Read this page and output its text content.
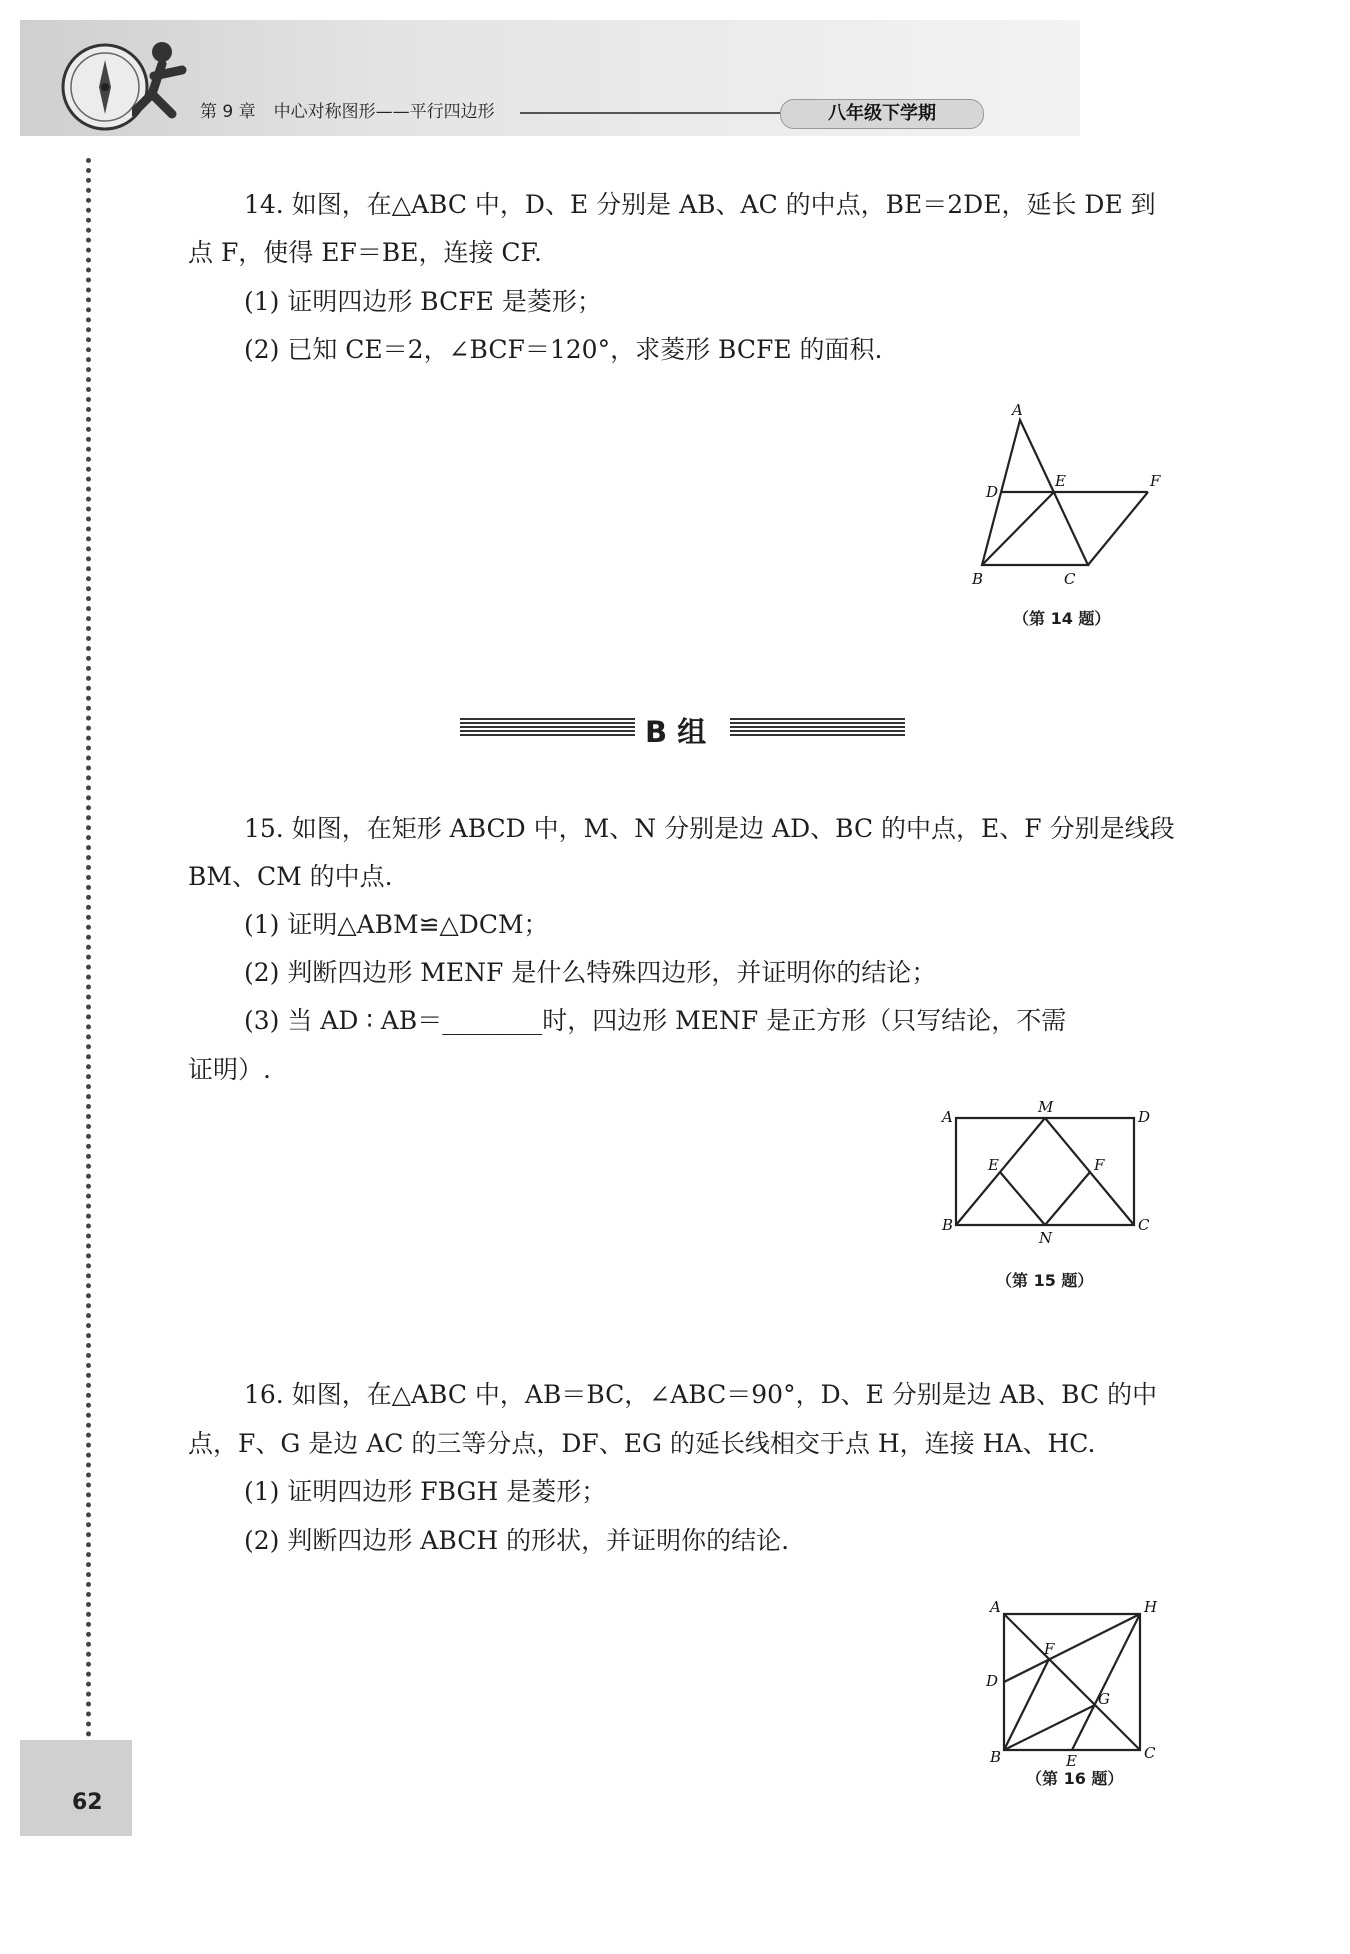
第 9 章 中心对称图形——平行四边形	八年级下学期
62
14. 如图，在△ABC 中，D、E 分别是 AB、AC 的中点，BE＝2DE，延长 DE 到
点 F，使得 EF＝BE，连接 CF.
(1) 证明四边形 BCFE 是菱形；
(2) 已知 CE＝2，∠BCF＝120°，求菱形 BCFE 的面积.
A
D
E	F
B	C
（第 14 题）
B 组
15. 如图，在矩形 ABCD 中，M、N 分别是边 AD、BC 的中点，E、F 分别是线段
BM、CM 的中点.
(1) 证明△ABM≌△DCM；
(2) 判断四边形 MENF 是什么特殊四边形，并证明你的结论；
(3) 当 AD ∶ AB＝________时，四边形 MENF 是正方形（只写结论，不需
证明）.
A
M
D
E	F
B
N
C
（第 15 题）
16. 如图，在△ABC 中，AB＝BC，∠ABC＝90°，D、E 分别是边 AB、BC 的中
点，F、G 是边 AC 的三等分点，DF、EG 的延长线相交于点 H，连接 HA、HC.
(1) 证明四边形 FBGH 是菱形；
(2) 判断四边形 ABCH 的形状，并证明你的结论.
A	H
F
D
G
B	E	C
（第 16 题）
